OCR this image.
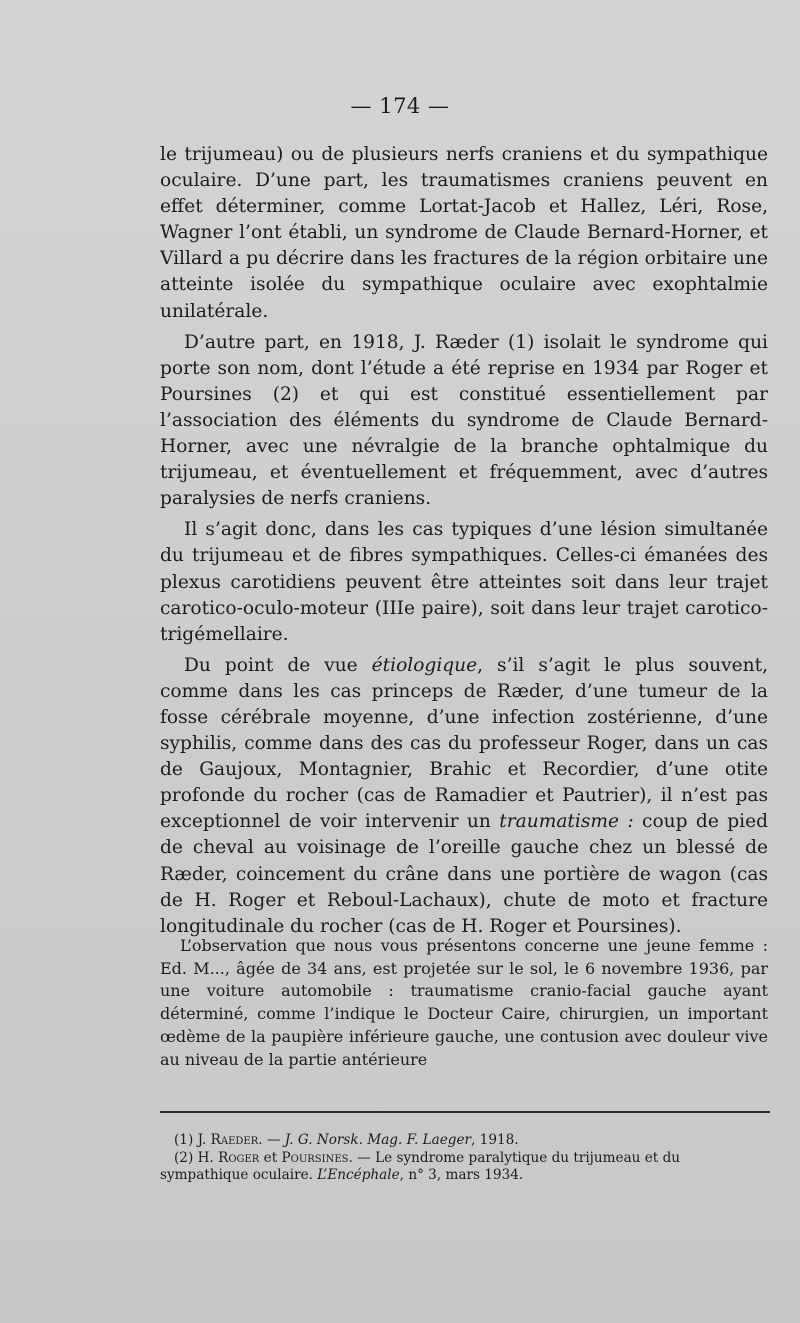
— 174 —

le trijumeau) ou de plusieurs nerfs craniens et du sympathique oculaire. D’une part, les traumatismes craniens peuvent en effet déterminer, comme Lortat-Jacob et Hallez, Léri, Rose, Wagner l’ont établi, un syndrome de Claude Bernard-Horner, et Villard a pu décrire dans les fractures de la région orbitaire une atteinte isolée du sympathique oculaire avec exophtalmie unilatérale.

D’autre part, en 1918, J. Ræder (1) isolait le syndrome qui porte son nom, dont l’étude a été reprise en 1934 par Roger et Poursines (2) et qui est constitué essentiellement par l’association des éléments du syndrome de Claude Bernard-Horner, avec une névralgie de la branche ophtalmique du trijumeau, et éventuellement et fréquemment, avec d’autres paralysies de nerfs craniens.

Il s’agit donc, dans les cas typiques d’une lésion simultanée du trijumeau et de fibres sympathiques. Celles-ci émanées des plexus carotidiens peuvent être atteintes soit dans leur trajet carotico-oculo-moteur (IIIe paire), soit dans leur trajet carotico-trigémellaire.

Du point de vue étiologique, s’il s’agit le plus souvent, comme dans les cas princeps de Ræder, d’une tumeur de la fosse cérébrale moyenne, d’une infection zostérienne, d’une syphilis, comme dans des cas du professeur Roger, dans un cas de Gaujoux, Montagnier, Brahic et Recordier, d’une otite profonde du rocher (cas de Ramadier et Pautrier), il n’est pas exceptionnel de voir intervenir un traumatisme : coup de pied de cheval au voisinage de l’oreille gauche chez un blessé de Ræder, coincement du crâne dans une portière de wagon (cas de H. Roger et Reboul-Lachaux), chute de moto et fracture longitudinale du rocher (cas de H. Roger et Poursines).

L’observation que nous vous présentons concerne une jeune femme : Ed. M..., âgée de 34 ans, est projetée sur le sol, le 6 novembre 1936, par une voiture automobile : traumatisme cranio-facial gauche ayant déterminé, comme l’indique le Docteur Caire, chirurgien, un important œdème de la paupière inférieure gauche, une contusion avec douleur vive au niveau de la partie antérieure

(1) J. Raeder. — J. G. Norsk. Mag. F. Laeger, 1918.

(2) H. Roger et Poursines. — Le syndrome paralytique du trijumeau et du sympathique oculaire. L’Encéphale, n° 3, mars 1934.
